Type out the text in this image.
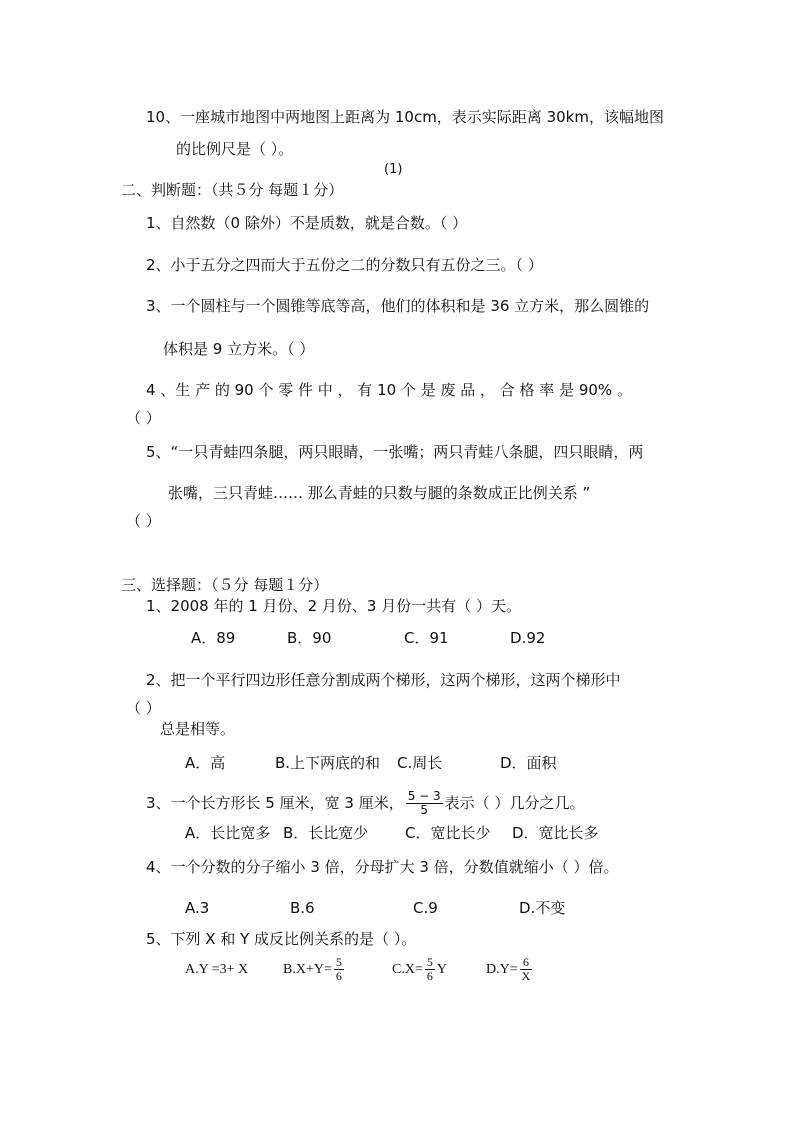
10、一座城市地图中两地图上距离为 10cm，表示实际距离 30km，该幅地图
的比例尺是（ ）。
(1)
二、判断题：（共５分 每题１分）
1、自然数（0 除外）不是质数，就是合数。（ ）
2、小于五分之四而大于五份之二的分数只有五份之三。（ ）
3、一个圆柱与一个圆锥等底等高，他们的体积和是 36 立方米，那么圆锥的
体积是 9 立方米。（ ）
4 、生 产 的 90 个 零 件 中 ， 有 10 个 是 废 品 ， 合 格 率 是 90% 。
（ ）
5、“一只青蛙四条腿，两只眼睛，一张嘴；两只青蛙八条腿，四只眼睛，两
张嘴，三只青蛙…… 那么青蛙的只数与腿的条数成正比例关系 ”
（ ）
三、选择题：（５分 每题１分）
1、2008 年的 1 月份、2 月份、3 月份一共有（ ）天。
A．89	B．90	C．91	D.92
2、把一个平行四边形任意分割成两个梯形，这两个梯形，这两个梯形中
（ ）
总是相等。
A．高	B.上下两底的和 C.周长	D．面积
3、一个长方形长 5 厘米，宽 3 厘米， $\frac{5 - 3}{5}$ 表示（ ）几分之几。
A．长比宽多 B．长比宽少 C．宽比长少 D．宽比长多
4、一个分数的分子缩小 3 倍，分母扩大 3 倍，分数值就缩小（ ）倍。
A.3	B.6	C.9	D.不变
5、下列 X 和 Y 成反比例关系的是（ ）。
A.Y =3+ X $B.X+Y= \frac{5}{6}$	$C.X= \frac{5}{6}$ Y	$D.Y= \frac{6}{X}$
